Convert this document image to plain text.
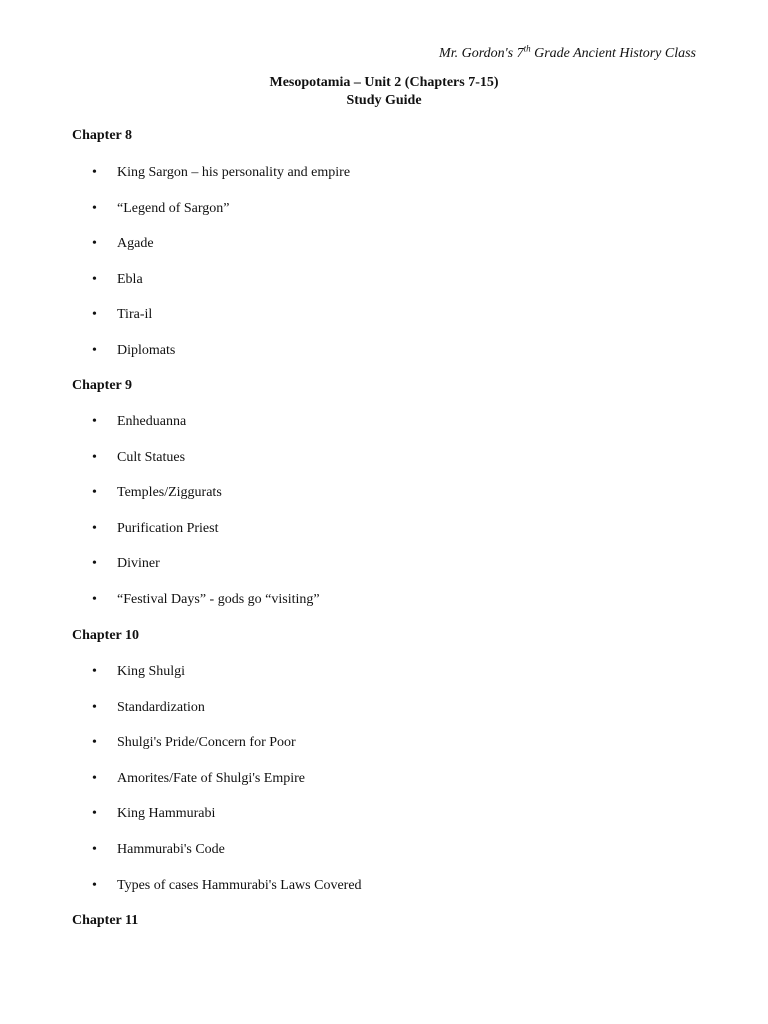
Mr. Gordon's 7th Grade Ancient History Class
Mesopotamia – Unit 2 (Chapters 7-15)
Study Guide

Chapter 8

• King Sargon – his personality and empire
• “Legend of Sargon”
• Agade
• Ebla
• Tira-il
• Diplomats

Chapter 9

• Enheduanna
• Cult Statues
• Temples/Ziggurats
• Purification Priest
• Diviner
• “Festival Days” - gods go “visiting”

Chapter 10

• King Shulgi
• Standardization
• Shulgi's Pride/Concern for Poor
• Amorites/Fate of Shulgi's Empire
• King Hammurabi
• Hammurabi's Code
• Types of cases Hammurabi's Laws Covered

Chapter 11
